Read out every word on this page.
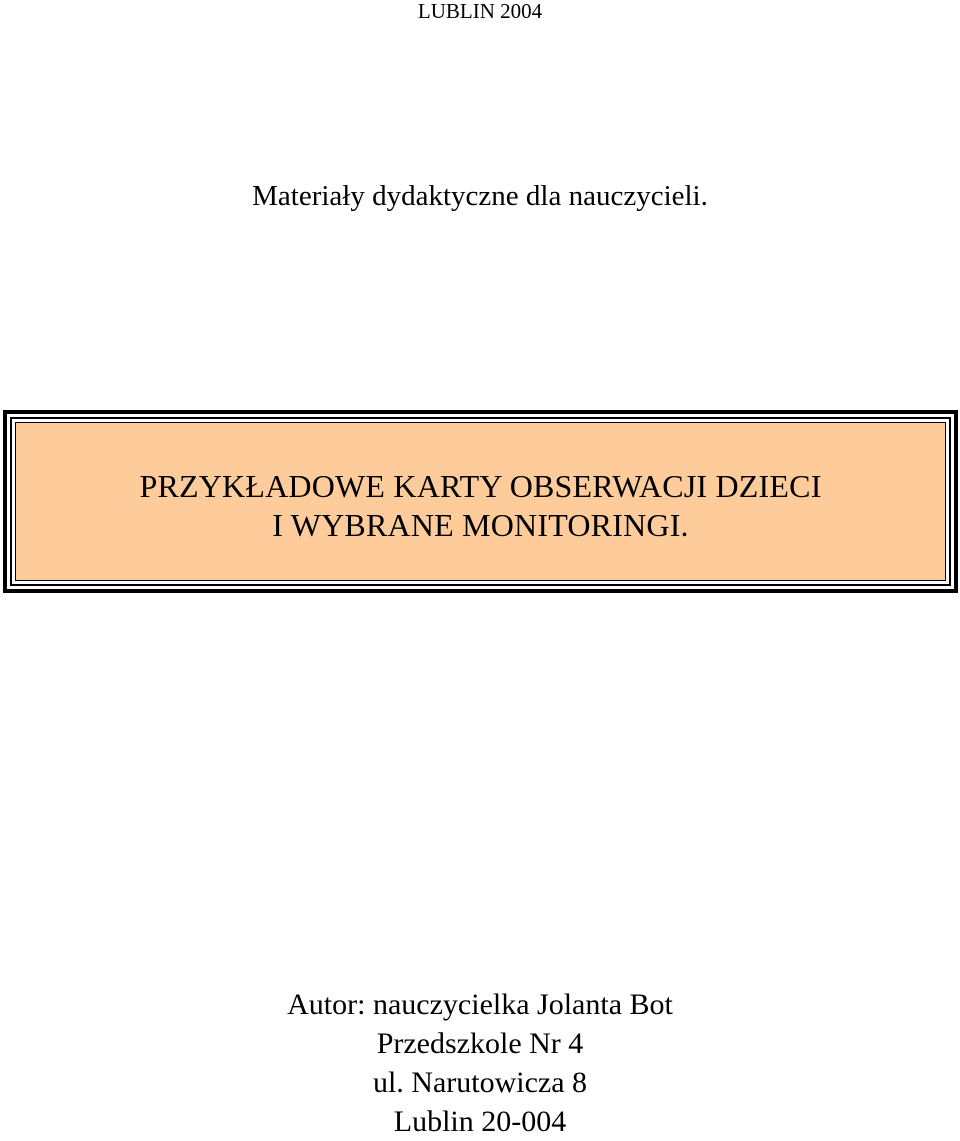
LUBLIN 2004
Materiały dydaktyczne dla nauczycieli.
PRZYKŁADOWE KARTY OBSERWACJI DZIECI
I WYBRANE MONITORINGI.
Autor: nauczycielka Jolanta Bot
Przedszkole Nr 4
ul. Narutowicza 8
Lublin 20-004
